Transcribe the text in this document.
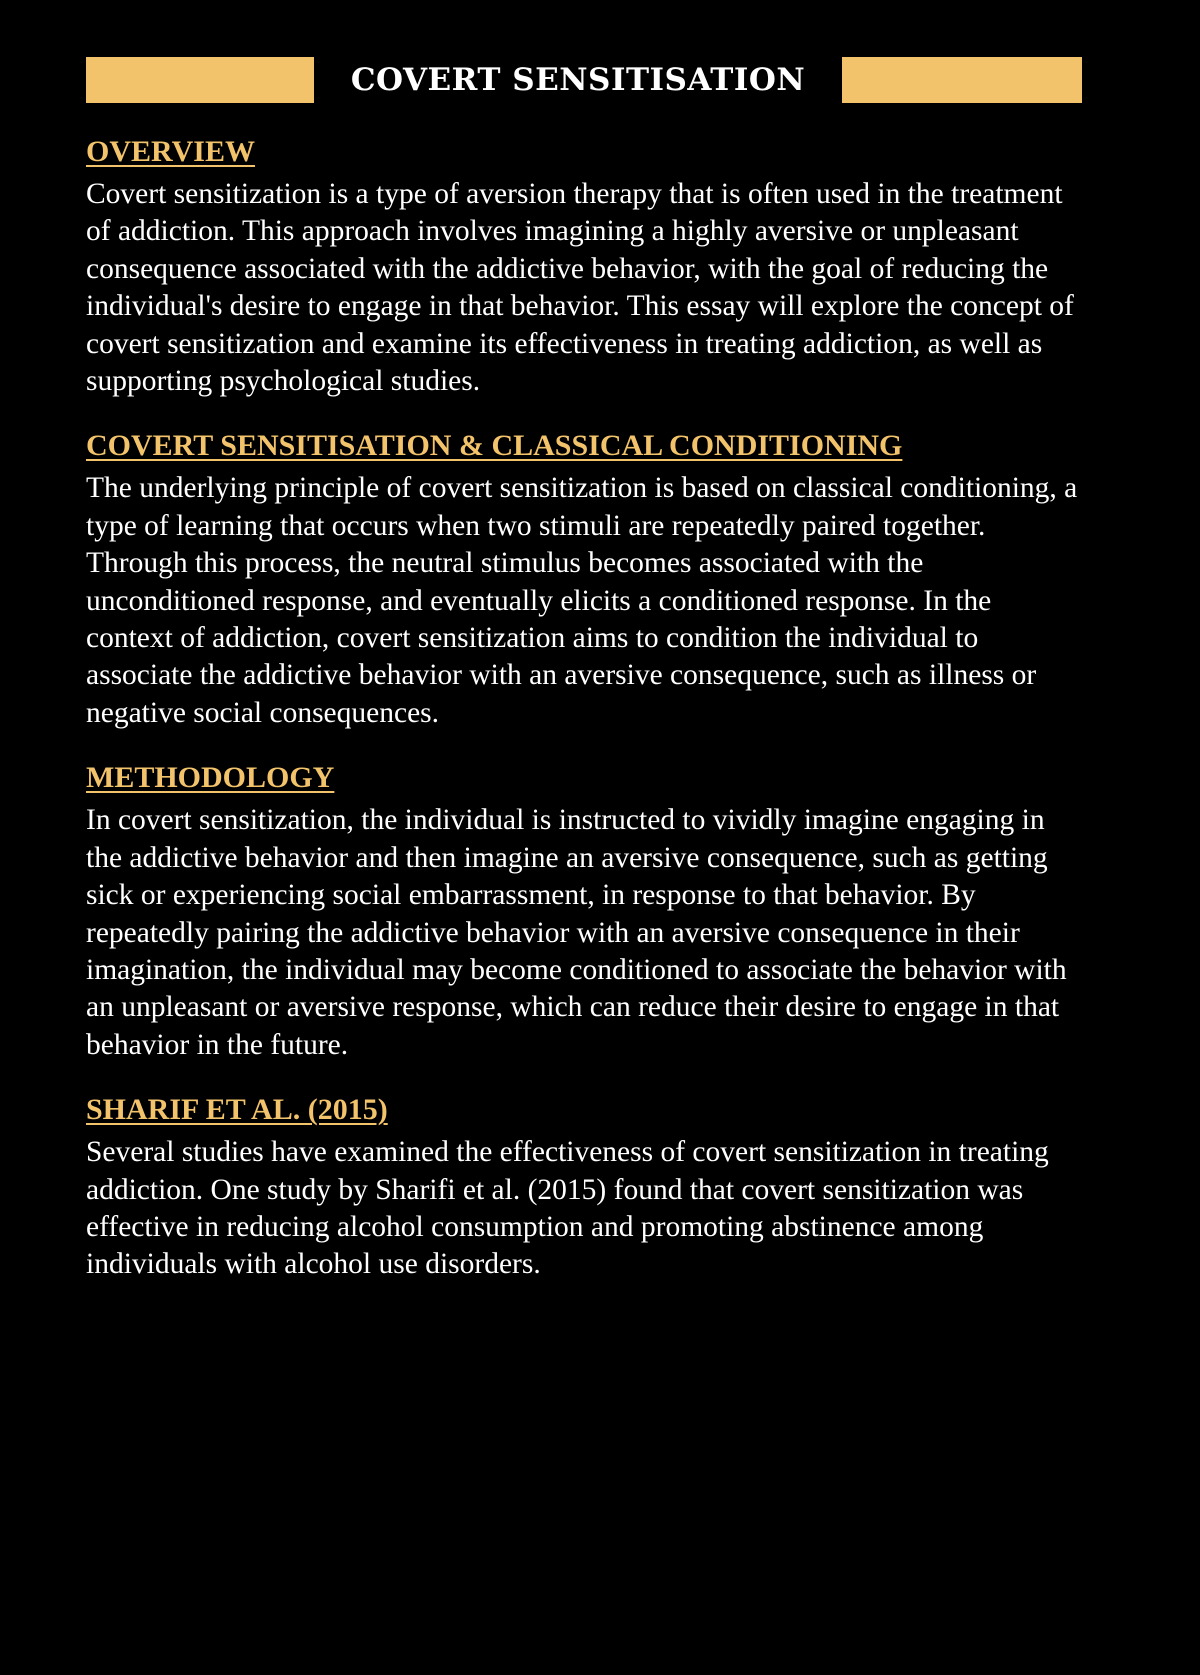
COVERT SENSITISATION
OVERVIEW

Covert sensitization is a type of aversion therapy that is often used in the treatment of addiction. This approach involves imagining a highly aversive or unpleasant consequence associated with the addictive behavior, with the goal of reducing the individual's desire to engage in that behavior. This essay will explore the concept of covert sensitization and examine its effectiveness in treating addiction, as well as supporting psychological studies.

COVERT SENSITISATION & CLASSICAL CONDITIONING

The underlying principle of covert sensitization is based on classical conditioning, a type of learning that occurs when two stimuli are repeatedly paired together. Through this process, the neutral stimulus becomes associated with the unconditioned response, and eventually elicits a conditioned response. In the context of addiction, covert sensitization aims to condition the individual to associate the addictive behavior with an aversive consequence, such as illness or negative social consequences.

METHODOLOGY

In covert sensitization, the individual is instructed to vividly imagine engaging in the addictive behavior and then imagine an aversive consequence, such as getting sick or experiencing social embarrassment, in response to that behavior. By repeatedly pairing the addictive behavior with an aversive consequence in their imagination, the individual may become conditioned to associate the behavior with an unpleasant or aversive response, which can reduce their desire to engage in that behavior in the future.

SHARIF ET AL. (2015)

Several studies have examined the effectiveness of covert sensitization in treating addiction. One study by Sharifi et al. (2015) found that covert sensitization was effective in reducing alcohol consumption and promoting abstinence among individuals with alcohol use disorders.
